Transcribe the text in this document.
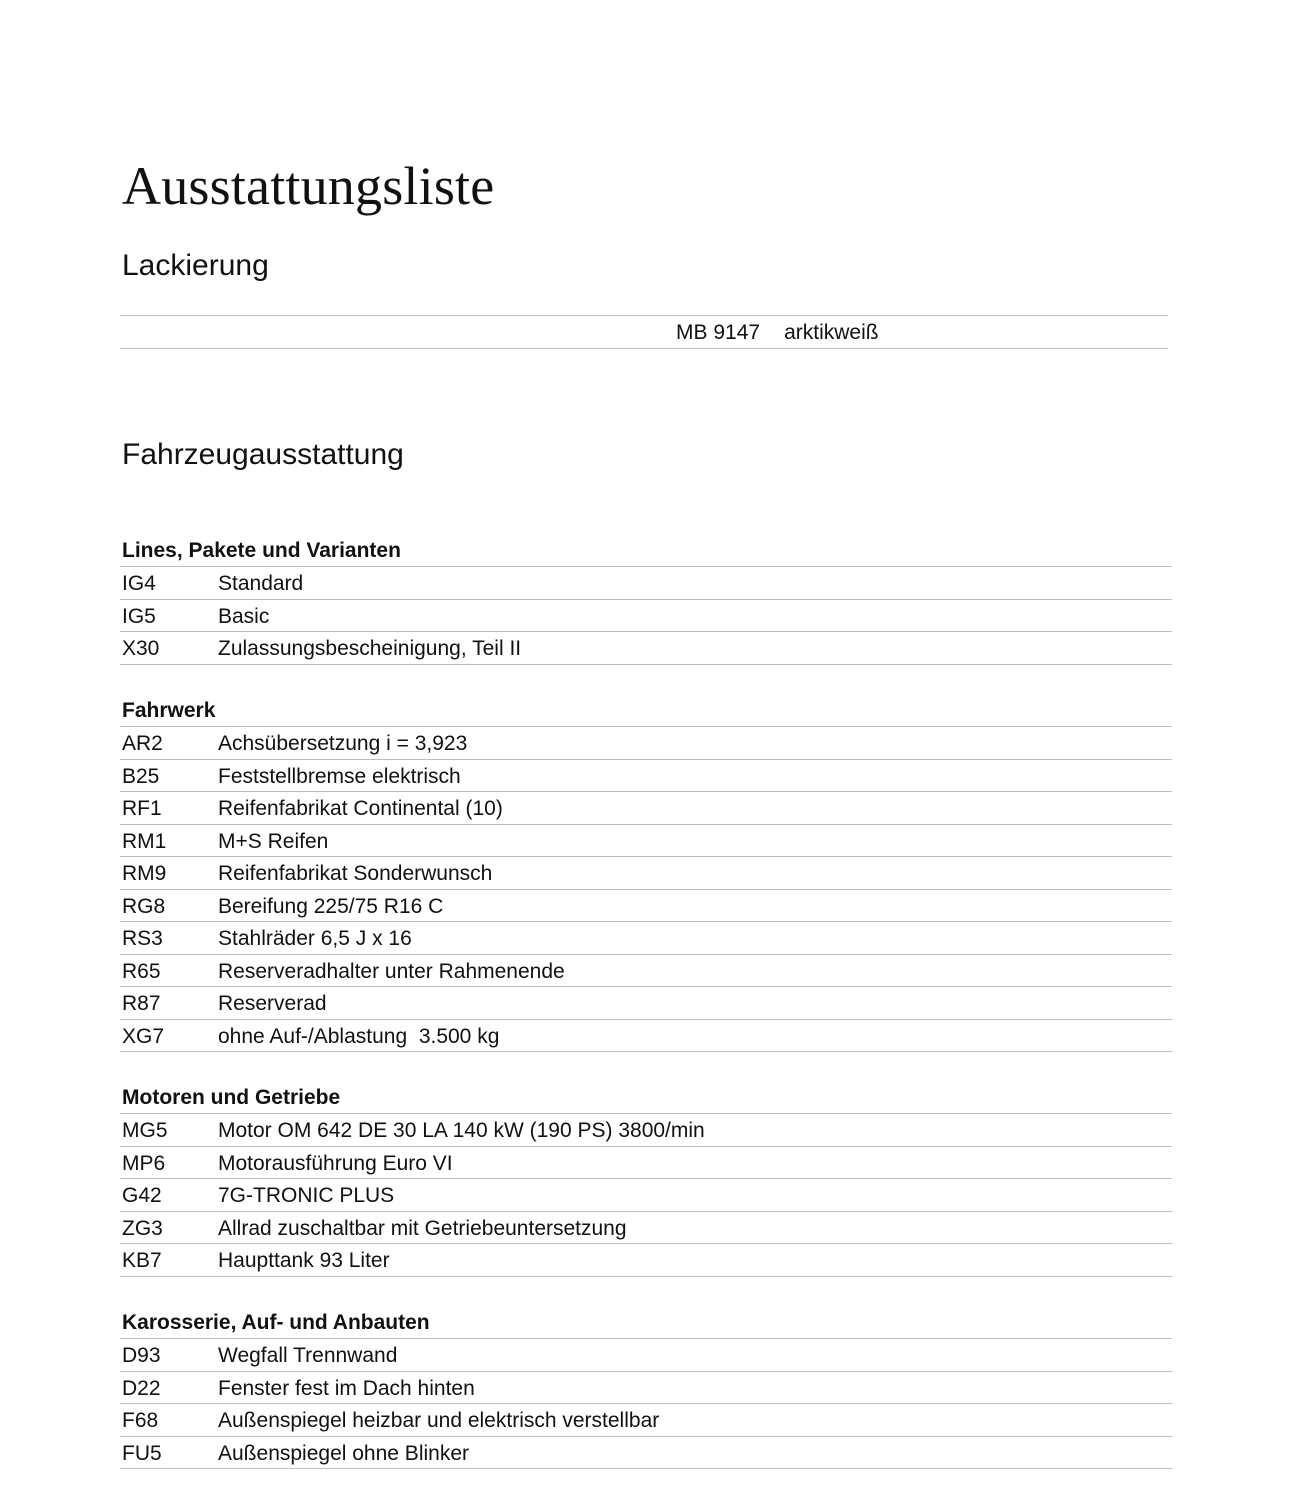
Ausstattungsliste
Lackierung
MB 9147 arktikweiß
Fahrzeugausstattung
Lines, Pakete und Varianten
IG4	Standard
IG5	Basic
X30	Zulassungsbescheinigung, Teil II
Fahrwerk
AR2	Achsübersetzung i = 3,923
B25	Feststellbremse elektrisch
RF1	Reifenfabrikat Continental (10)
RM1	M+S Reifen
RM9	Reifenfabrikat Sonderwunsch
RG8	Bereifung 225/75 R16 C
RS3	Stahlräder 6,5 J x 16
R65	Reserveradhalter unter Rahmenende
R87	Reserverad
XG7	ohne Auf-/Ablastung  3.500 kg
Motoren und Getriebe
MG5	Motor OM 642 DE 30 LA 140 kW (190 PS) 3800/min
MP6	Motorausführung Euro VI
G42	7G-TRONIC PLUS
ZG3	Allrad zuschaltbar mit Getriebeuntersetzung
KB7	Haupttank 93 Liter
Karosserie, Auf- und Anbauten
D93	Wegfall Trennwand
D22	Fenster fest im Dach hinten
F68	Außenspiegel heizbar und elektrisch verstellbar
FU5	Außenspiegel ohne Blinker
